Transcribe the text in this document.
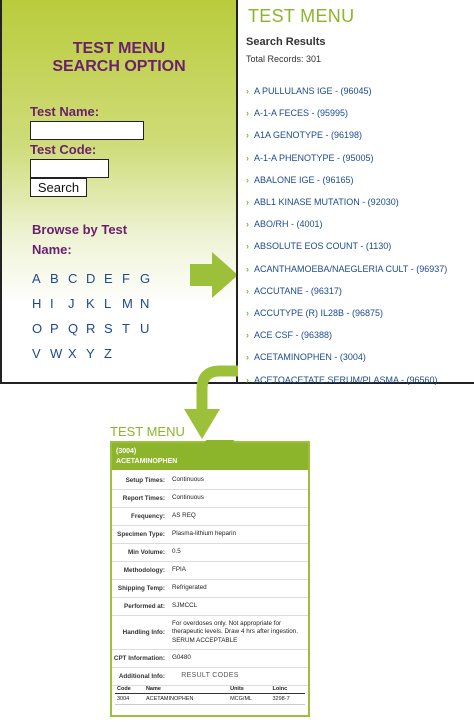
TEST MENU
SEARCH OPTION
Test Name:
Test Code:
Search
Browse by Test Name:
A B C D E F G
H I	J K L M N
O P Q R S T U
V W X Y Z
TEST MENU
Search Results
Total Records: 301
› A PULLULANS IGE - (96045)
› A-1-A FECES - (95995)
› A1A GENOTYPE - (96198)
› A-1-A PHENOTYPE - (95005)
› ABALONE IGE - (96165)
› ABL1 KINASE MUTATION - (92030)
› ABO/RH - (4001)
› ABSOLUTE EOS COUNT - (1130)
› ACANTHAMOEBA/NAEGLERIA CULT - (96937)
› ACCUTANE - (96317)
› ACCUTYPE (R) IL28B - (96875)
› ACE CSF - (96388)
› ACETAMINOPHEN - (3004)
› ACETOACETATE SERUM/PLASMA - (96560)
TEST MENU
(3004)
ACETAMINOPHEN
Setup Times:	Continuous
Report Times:	Continuous
Frequency:	AS REQ
Specimen Type:	Plasma-lithium heparin
Min Volume:	0.5
Methodology:	FPIA
Shipping Temp:	Refrigerated
Performed at:	SJMCCL
Handling Info:
For overdoses only. Not appropriate for therapeutic levels. Draw 4 hrs after ingestion. SERUM ACCEPTABLE
CPT Information:	G0480
Additional Info:	RESULT CODES
Code	Name	Units	Loinc
3004	ACETAMINOPHEN	MCG/ML	3298-7
